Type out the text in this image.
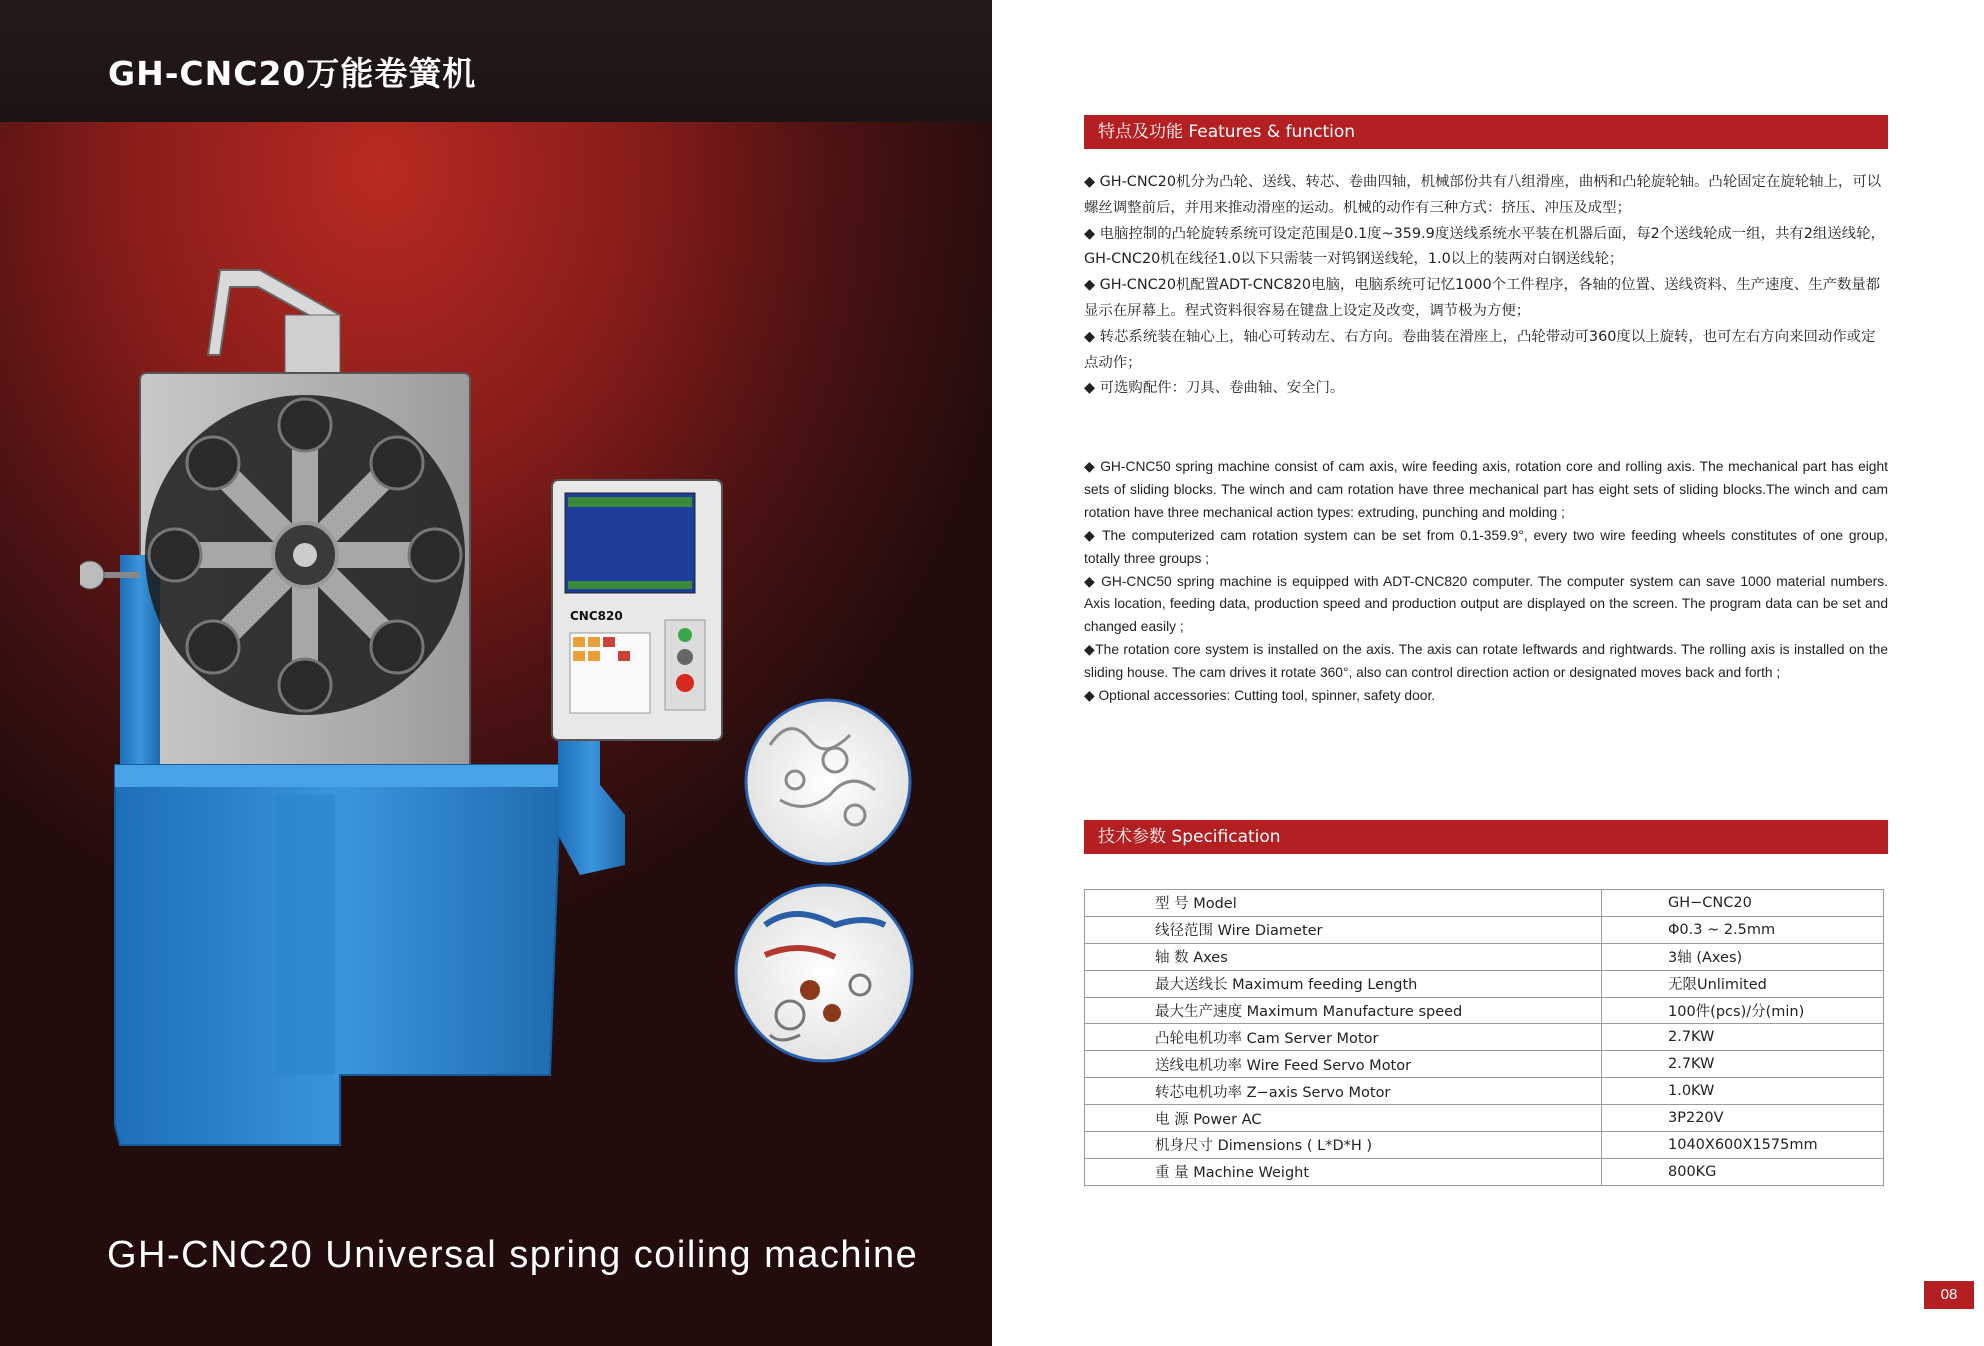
GH-CNC20万能卷簧机
CNC820
GH-CNC20 Universal spring coiling machine
特点及功能 Features & function

◆ GH-CNC20机分为凸轮、送线、转芯、卷曲四轴，机械部份共有八组滑座，曲柄和凸轮旋轮轴。凸轮固定在旋轮轴上，可以螺丝调整前后，并用来推动滑座的运动。机械的动作有三种方式：挤压、冲压及成型；

◆ 电脑控制的凸轮旋转系统可设定范围是0.1度~359.9度送线系统水平装在机器后面，每2个送线轮成一组，共有2组送线轮，GH-CNC20机在线径1.0以下只需装一对钨钢送线轮，1.0以上的装两对白钢送线轮；

◆ GH-CNC20机配置ADT-CNC820电脑，电脑系统可记忆1000个工件程序，各轴的位置、送线资料、生产速度、生产数量都显示在屏幕上。程式资料很容易在键盘上设定及改变，调节极为方便；

◆ 转芯系统装在轴心上，轴心可转动左、右方向。卷曲装在滑座上，凸轮带动可360度以上旋转，也可左右方向来回动作或定点动作；

◆ 可选购配件：刀具、卷曲轴、安全门。

◆ GH-CNC50 spring machine consist of cam axis, wire feeding axis, rotation core and rolling axis. The mechanical part has eight sets of sliding blocks. The winch and cam rotation have three mechanical part has eight sets of sliding blocks.The winch and cam rotation have three mechanical action types: extruding, punching and molding ;

◆ The computerized cam rotation system can be set from 0.1-359.9°, every two wire feeding wheels constitutes of one group, totally three groups ;

◆ GH-CNC50 spring machine is equipped with ADT-CNC820 computer. The computer system can save 1000 material numbers. Axis location, feeding data, production speed and production output are displayed on the screen. The program data can be set and changed easily ;

◆The rotation core system is installed on the axis. The axis can rotate leftwards and rightwards. The rolling axis is installed on the sliding house. The cam drives it rotate 360°, also can control direction action or designated moves back and forth ;

◆ Optional accessories: Cutting tool, spinner, safety door.

技术参数 Specification
型 号 Model	GH−CNC20
线径范围 Wire Diameter	Φ0.3 ~ 2.5mm
轴 数 Axes	3轴 (Axes)
最大送线长 Maximum feeding Length	无限Unlimited
最大生产速度 Maximum Manufacture speed	100件(pcs)/分(min)
凸轮电机功率 Cam Server Motor	2.7KW
送线电机功率 Wire Feed Servo Motor	2.7KW
转芯电机功率 Z−axis Servo Motor	1.0KW
电 源 Power AC	3P220V
机身尺寸 Dimensions ( L*D*H )	1040X600X1575mm
重 量 Machine Weight	800KG
08
